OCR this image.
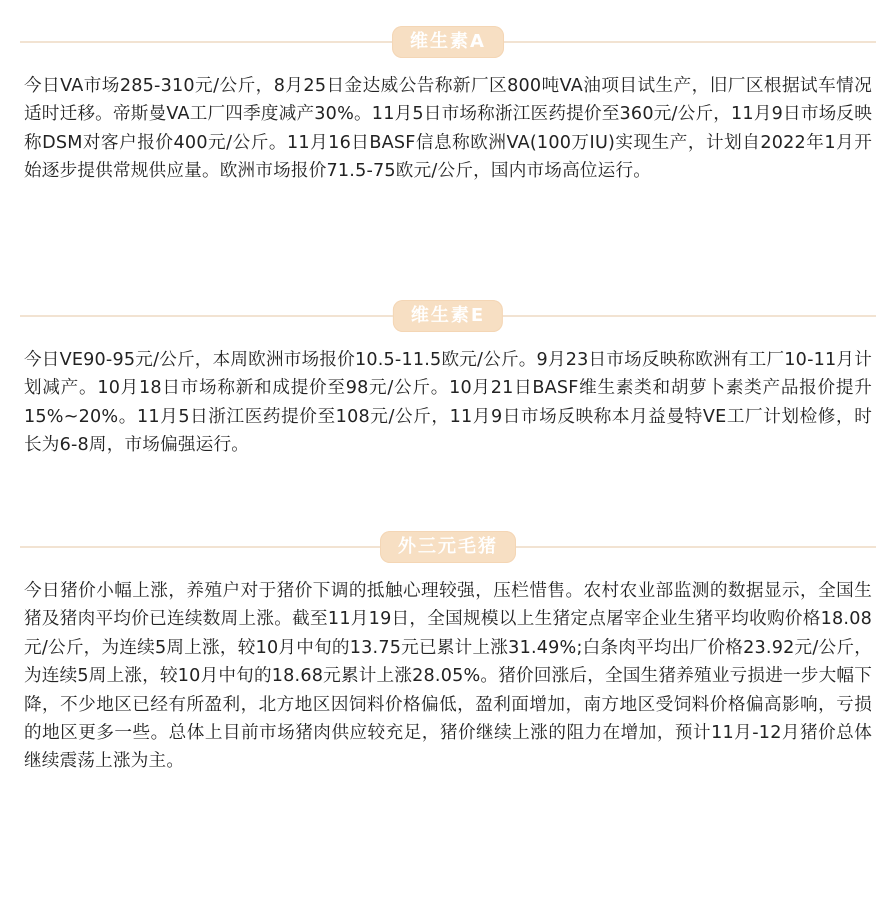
维生素A

今日VA市场285-310元/公斤，8月25日金达威公告称新厂区800吨VA油项目试生产，旧厂区根据试车情况适时迁移。帝斯曼VA工厂四季度减产30%。11月5日市场称浙江医药提价至360元/公斤，11月9日市场反映称DSM对客户报价400元/公斤。11月16日BASF信息称欧洲VA(100万IU)实现生产，计划自2022年1月开始逐步提供常规供应量。欧洲市场报价71.5-75欧元/公斤，国内市场高位运行。

维生素E

今日VE90-95元/公斤，本周欧洲市场报价10.5-11.5欧元/公斤。9月23日市场反映称欧洲有工厂10-11月计划减产。10月18日市场称新和成提价至98元/公斤。10月21日BASF维生素类和胡萝卜素类产品报价提升15%~20%。11月5日浙江医药提价至108元/公斤，11月9日市场反映称本月益曼特VE工厂计划检修，时长为6-8周，市场偏强运行。

外三元毛猪

今日猪价小幅上涨，养殖户对于猪价下调的抵触心理较强，压栏惜售。农村农业部监测的数据显示，全国生猪及猪肉平均价已连续数周上涨。截至11月19日，全国规模以上生猪定点屠宰企业生猪平均收购价格18.08元/公斤，为连续5周上涨，较10月中旬的13.75元已累计上涨31.49%;白条肉平均出厂价格23.92元/公斤，为连续5周上涨，较10月中旬的18.68元累计上涨28.05%。猪价回涨后，全国生猪养殖业亏损进一步大幅下降，不少地区已经有所盈利，北方地区因饲料价格偏低，盈利面增加，南方地区受饲料价格偏高影响，亏损的地区更多一些。总体上目前市场猪肉供应较充足，猪价继续上涨的阻力在增加，预计11月-12月猪价总体继续震荡上涨为主。
